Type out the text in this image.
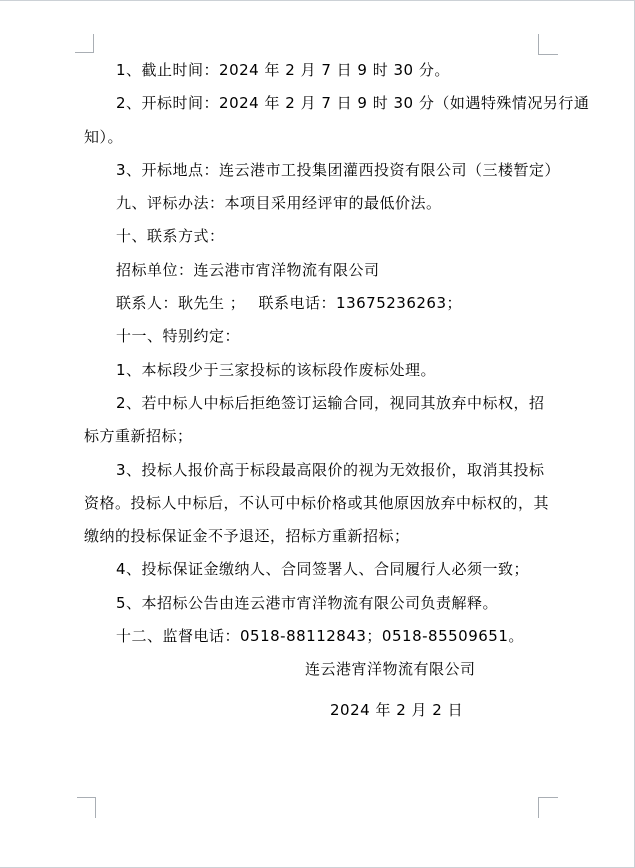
1、截止时间：2024 年 2 月 7 日 9 时 30 分。
2、开标时间：2024 年 2 月 7 日 9 时 30 分（如遇特殊情况另行通
知）。
3、开标地点：连云港市工投集团灌西投资有限公司（三楼暂定）
九、评标办法：本项目采用经评审的最低价法。
十、联系方式：
招标单位：连云港市宵洋物流有限公司
联系人：耿先生 ；　 联系电话：13675236263；
十一、特别约定：
1、本标段少于三家投标的该标段作废标处理。
2、若中标人中标后拒绝签订运输合同，视同其放弃中标权，招
标方重新招标；
3、投标人报价高于标段最高限价的视为无效报价，取消其投标
资格。投标人中标后，不认可中标价格或其他原因放弃中标权的，其
缴纳的投标保证金不予退还，招标方重新招标；
4、投标保证金缴纳人、合同签署人、合同履行人必须一致；
5、本招标公告由连云港市宵洋物流有限公司负责解释。
十二、监督电话：0518-88112843；0518-85509651。
连云港宵洋物流有限公司
2024 年 2 月 2 日
